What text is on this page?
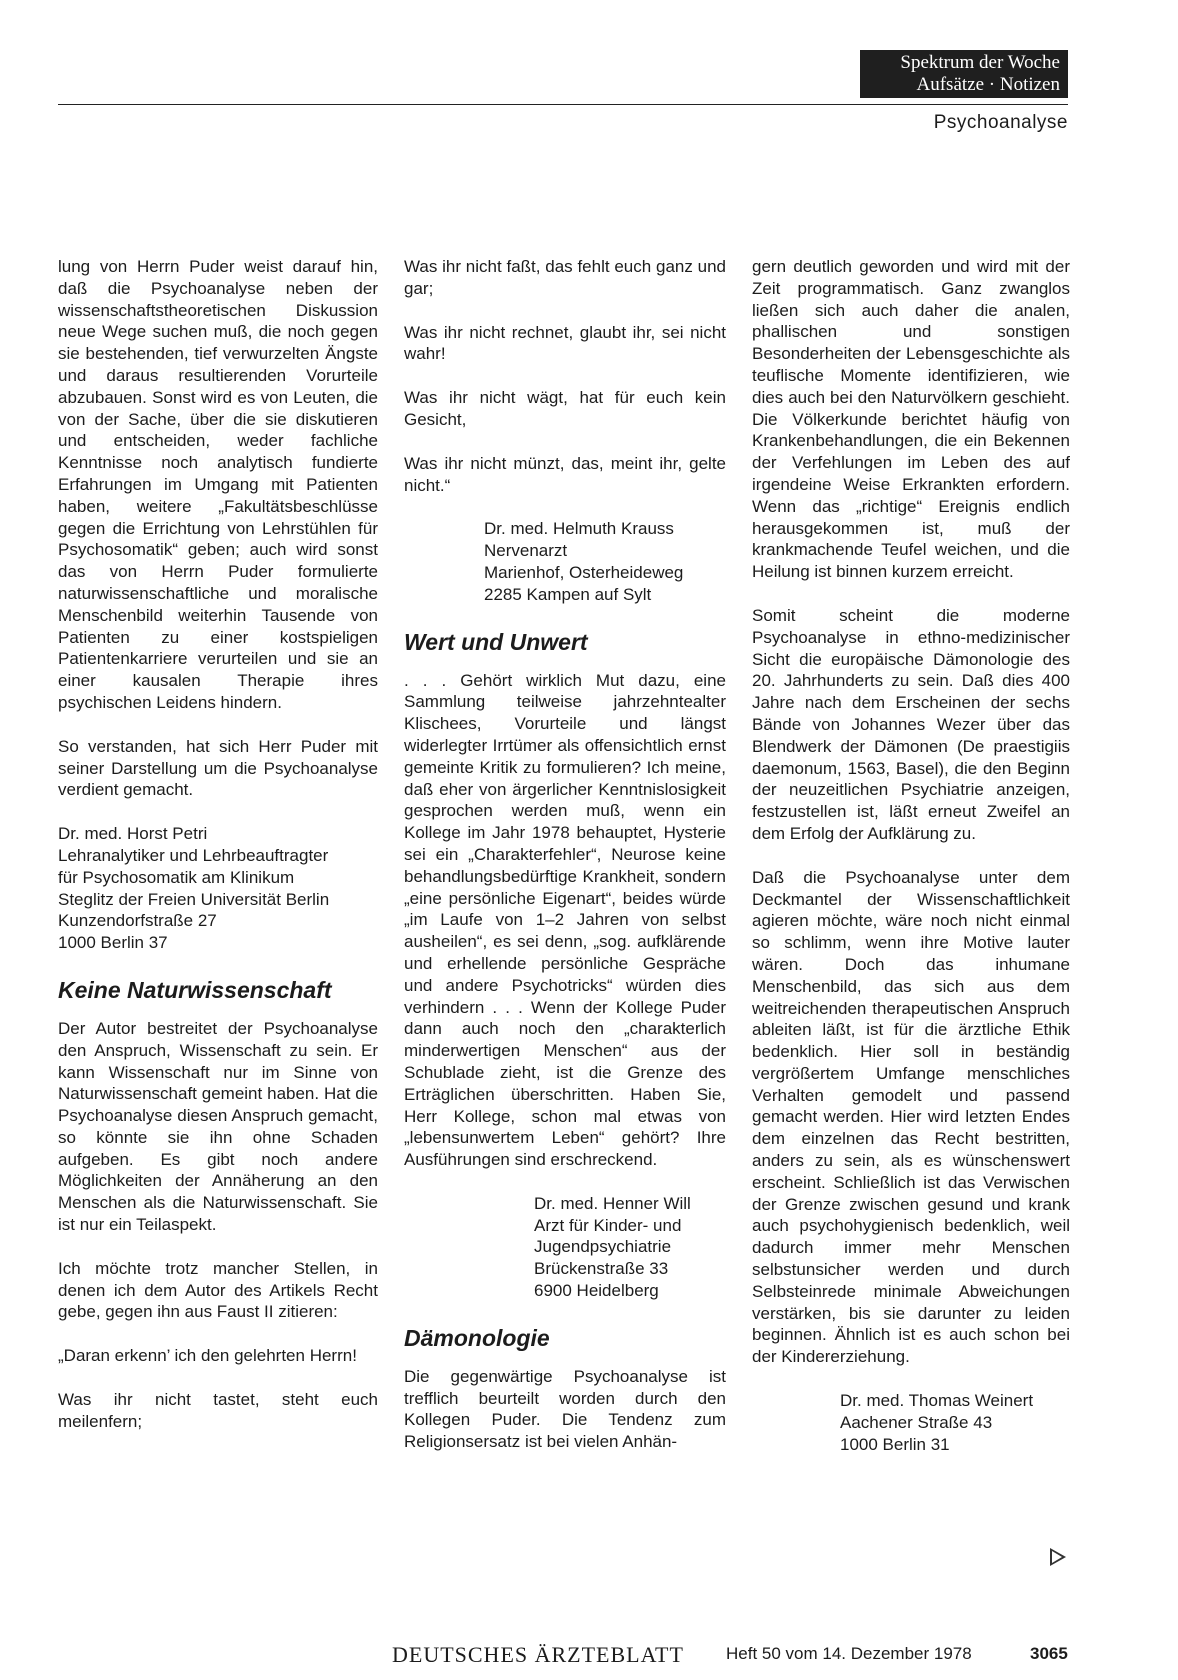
Spektrum der Woche
Aufsätze · Notizen
Psychoanalyse

lung von Herrn Puder weist darauf hin, daß die Psychoanalyse neben der wissenschaftstheoretischen Diskussion neue Wege suchen muß, die noch gegen sie bestehenden, tief verwurzelten Ängste und daraus resultierenden Vorurteile abzubauen. Sonst wird es von Leuten, die von der Sache, über die sie diskutieren und entscheiden, weder fachliche Kenntnisse noch analytisch fundierte Erfahrungen im Umgang mit Patienten haben, weitere „Fakultätsbeschlüsse gegen die Errichtung von Lehrstühlen für Psychosomatik“ geben; auch wird sonst das von Herrn Puder formulierte naturwissenschaftliche und moralische Menschenbild weiterhin Tausende von Patienten zu einer kostspieligen Patientenkarriere verurteilen und sie an einer kausalen Therapie ihres psychischen Leidens hindern.

So verstanden, hat sich Herr Puder mit seiner Darstellung um die Psychoanalyse verdient gemacht.

Dr. med. Horst Petri
Lehranalytiker und Lehrbeauftragter
für Psychosomatik am Klinikum
Steglitz der Freien Universität Berlin
Kunzendorfstraße 27
1000 Berlin 37
Keine Naturwissenschaft

Der Autor bestreitet der Psychoanalyse den Anspruch, Wissenschaft zu sein. Er kann Wissenschaft nur im Sinne von Naturwissenschaft gemeint haben. Hat die Psychoanalyse diesen Anspruch gemacht, so könnte sie ihn ohne Schaden aufgeben. Es gibt noch andere Möglichkeiten der Annäherung an den Menschen als die Naturwissenschaft. Sie ist nur ein Teilaspekt.

Ich möchte trotz mancher Stellen, in denen ich dem Autor des Artikels Recht gebe, gegen ihn aus Faust II zitieren:

„Daran erkenn’ ich den gelehrten Herrn!

Was ihr nicht tastet, steht euch meilenfern;

Was ihr nicht faßt, das fehlt euch ganz und gar;

Was ihr nicht rechnet, glaubt ihr, sei nicht wahr!

Was ihr nicht wägt, hat für euch kein Gesicht,

Was ihr nicht münzt, das, meint ihr, gelte nicht.“

Dr. med. Helmuth Krauss
Nervenarzt
Marienhof, Osterheideweg
2285 Kampen auf Sylt
Wert und Unwert

. . . Gehört wirklich Mut dazu, eine Sammlung teilweise jahrzehntealter Klischees, Vorurteile und längst widerlegter Irrtümer als offensichtlich ernst gemeinte Kritik zu formulieren? Ich meine, daß eher von ärgerlicher Kenntnislosigkeit gesprochen werden muß, wenn ein Kollege im Jahr 1978 behauptet, Hysterie sei ein „Charakterfehler“, Neurose keine behandlungsbedürftige Krankheit, sondern „eine persönliche Eigenart“, beides würde „im Laufe von 1–2 Jahren von selbst ausheilen“, es sei denn, „sog. aufklärende und erhellende persönliche Gespräche und andere Psychotricks“ würden dies verhindern . . . Wenn der Kollege Puder dann auch noch den „charakterlich minderwertigen Menschen“ aus der Schublade zieht, ist die Grenze des Erträglichen überschritten. Haben Sie, Herr Kollege, schon mal etwas von „lebensunwertem Leben“ gehört? Ihre Ausführungen sind erschreckend.

Dr. med. Henner Will
Arzt für Kinder- und
Jugendpsychiatrie
Brückenstraße 33
6900 Heidelberg
Dämonologie

Die gegenwärtige Psychoanalyse ist trefflich beurteilt worden durch den Kollegen Puder. Die Tendenz zum Religionsersatz ist bei vielen Anhän-

gern deutlich geworden und wird mit der Zeit programmatisch. Ganz zwanglos ließen sich auch daher die analen, phallischen und sonstigen Besonderheiten der Lebensgeschichte als teuflische Momente identifizieren, wie dies auch bei den Naturvölkern geschieht. Die Völkerkunde berichtet häufig von Krankenbehandlungen, die ein Bekennen der Verfehlungen im Leben des auf irgendeine Weise Erkrankten erfordern. Wenn das „richtige“ Ereignis endlich herausgekommen ist, muß der krankmachende Teufel weichen, und die Heilung ist binnen kurzem erreicht.

Somit scheint die moderne Psychoanalyse in ethno-medizinischer Sicht die europäische Dämonologie des 20. Jahrhunderts zu sein. Daß dies 400 Jahre nach dem Erscheinen der sechs Bände von Johannes Wezer über das Blendwerk der Dämonen (De praestigiis daemonum, 1563, Basel), die den Beginn der neuzeitlichen Psychiatrie anzeigen, festzustellen ist, läßt erneut Zweifel an dem Erfolg der Aufklärung zu.

Daß die Psychoanalyse unter dem Deckmantel der Wissenschaftlichkeit agieren möchte, wäre noch nicht einmal so schlimm, wenn ihre Motive lauter wären. Doch das inhumane Menschenbild, das sich aus dem weitreichenden therapeutischen Anspruch ableiten läßt, ist für die ärztliche Ethik bedenklich. Hier soll in beständig vergrößertem Umfange menschliches Verhalten gemodelt und passend gemacht werden. Hier wird letzten Endes dem einzelnen das Recht bestritten, anders zu sein, als es wünschenswert erscheint. Schließlich ist das Verwischen der Grenze zwischen gesund und krank auch psychohygienisch bedenklich, weil dadurch immer mehr Menschen selbstunsicher werden und durch Selbsteinrede minimale Abweichungen verstärken, bis sie darunter zu leiden beginnen. Ähnlich ist es auch schon bei der Kindererziehung.

Dr. med. Thomas Weinert
Aachener Straße 43
1000 Berlin 31
DEUTSCHES ÄRZTEBLATT Heft 50 vom 14. Dezember 1978	3065
